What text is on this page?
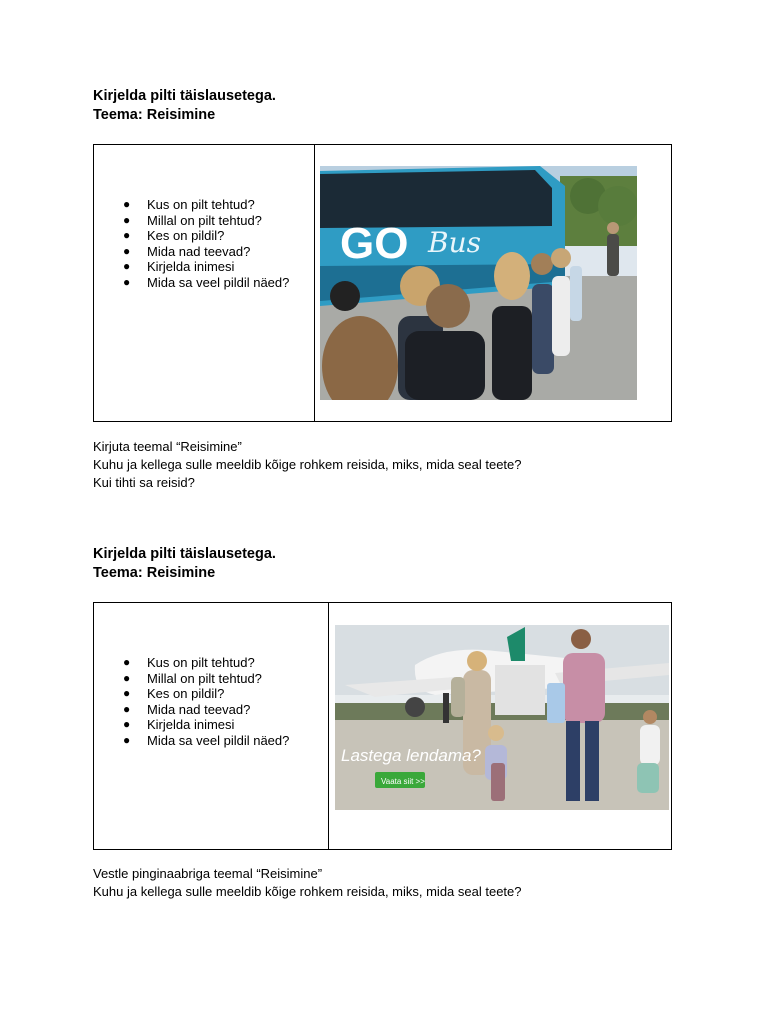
Kirjelda pilti täislausetega.
Teema: Reisimine
● Kus on pilt tehtud?
● Millal on pilt tehtud?
● Kes on pildil?
● Mida nad teevad?
● Kirjelda inimesi
● Mida sa veel pildil näed?
GO Bus
Kirjuta teemal “Reisimine”
Kuhu ja kellega sulle meeldib kõige rohkem reisida, miks, mida seal teete?
Kui tihti sa reisid?
Kirjelda pilti täislausetega.
Teema: Reisimine
● Kus on pilt tehtud?
● Millal on pilt tehtud?
● Kes on pildil?
● Mida nad teevad?
● Kirjelda inimesi
● Mida sa veel pildil näed?
Lastega lendama?
Vaata siit >>
Vestle pinginaabriga teemal “Reisimine”
Kuhu ja kellega sulle meeldib kõige rohkem reisida, miks, mida seal teete?
